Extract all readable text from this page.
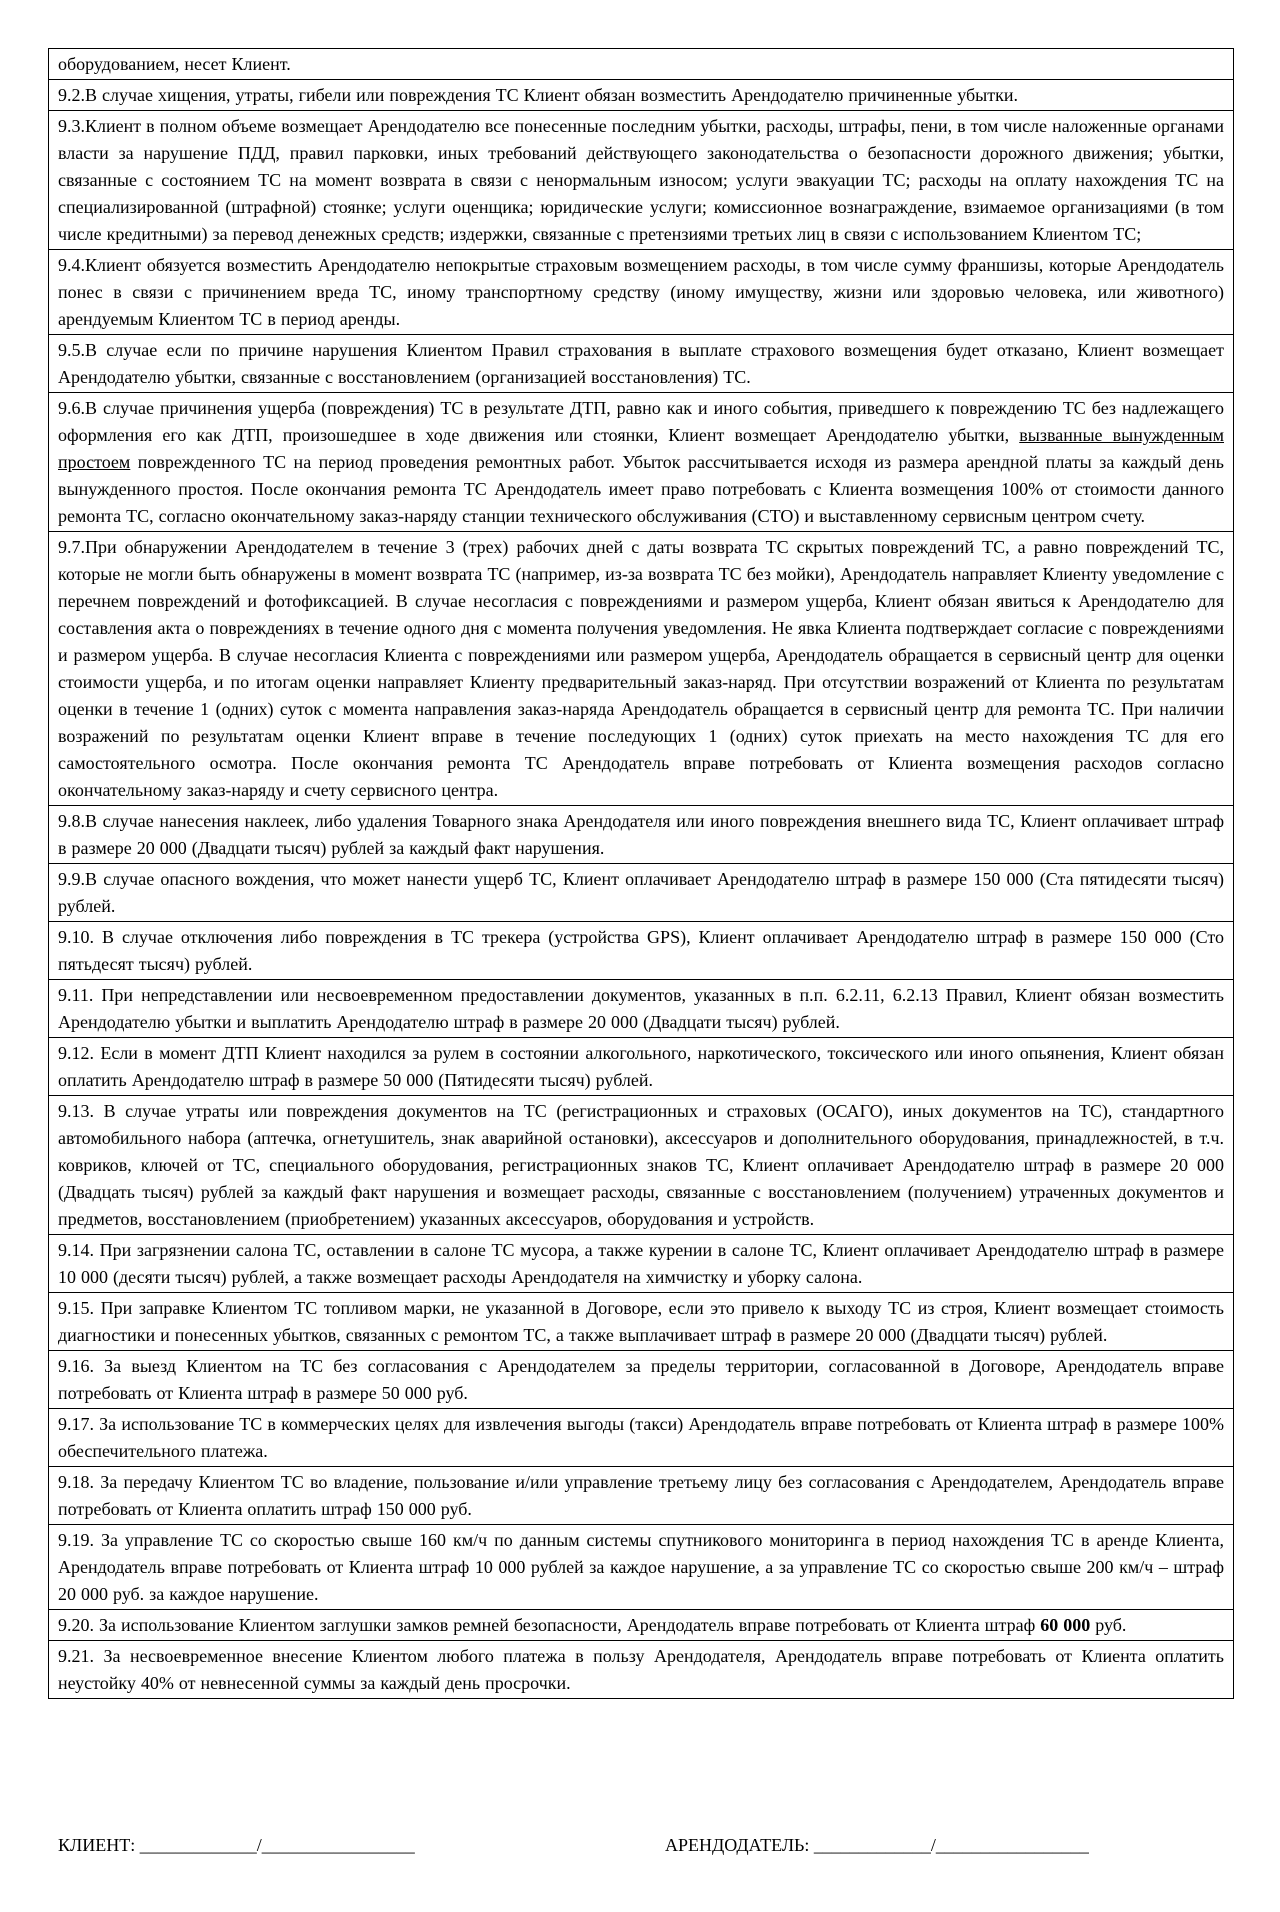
оборудованием, несет Клиент.
9.2.В случае хищения, утраты, гибели или повреждения ТС Клиент обязан возместить Арендодателю причиненные убытки.
9.3.Клиент в полном объеме возмещает Арендодателю все понесенные последним убытки, расходы, штрафы, пени, в том числе наложенные органами власти за нарушение ПДД, правил парковки, иных требований действующего законодательства о безопасности дорожного движения; убытки, связанные с состоянием ТС на момент возврата в связи с ненормальным износом; услуги эвакуации ТС; расходы на оплату нахождения ТС на специализированной (штрафной) стоянке; услуги оценщика; юридические услуги; комиссионное вознаграждение, взимаемое организациями (в том числе кредитными) за перевод денежных средств; издержки, связанные с претензиями третьих лиц в связи с использованием Клиентом ТС;
9.4.Клиент обязуется возместить Арендодателю непокрытые страховым возмещением расходы, в том числе сумму франшизы, которые Арендодатель понес в связи с причинением вреда ТС, иному транспортному средству (иному имуществу, жизни или здоровью человека, или животного) арендуемым Клиентом ТС в период аренды.
9.5.В случае если по причине нарушения Клиентом Правил страхования в выплате страхового возмещения будет отказано, Клиент возмещает Арендодателю убытки, связанные с восстановлением (организацией восстановления) ТС.
9.6.В случае причинения ущерба (повреждения) ТС в результате ДТП, равно как и иного события, приведшего к повреждению ТС без надлежащего оформления его как ДТП, произошедшее в ходе движения или стоянки, Клиент возмещает Арендодателю убытки, вызванные вынужденным простоем поврежденного ТС на период проведения ремонтных работ. Убыток рассчитывается исходя из размера арендной платы за каждый день вынужденного простоя. После окончания ремонта ТС Арендодатель имеет право потребовать с Клиента возмещения 100% от стоимости данного ремонта ТС, согласно окончательному заказ-наряду станции технического обслуживания (СТО) и выставленному сервисным центром счету.
9.7.При обнаружении Арендодателем в течение 3 (трех) рабочих дней с даты возврата ТС скрытых повреждений ТС, а равно повреждений ТС, которые не могли быть обнаружены в момент возврата ТС (например, из-за возврата ТС без мойки), Арендодатель направляет Клиенту уведомление с перечнем повреждений и фотофиксацией. В случае несогласия с повреждениями и размером ущерба, Клиент обязан явиться к Арендодателю для составления акта о повреждениях в течение одного дня с момента получения уведомления. Не явка Клиента подтверждает согласие с повреждениями и размером ущерба. В случае несогласия Клиента с повреждениями или размером ущерба, Арендодатель обращается в сервисный центр для оценки стоимости ущерба, и по итогам оценки направляет Клиенту предварительный заказ-наряд. При отсутствии возражений от Клиента по результатам оценки в течение 1 (одних) суток с момента направления заказ-наряда Арендодатель обращается в сервисный центр для ремонта ТС. При наличии возражений по результатам оценки Клиент вправе в течение последующих 1 (одних) суток приехать на место нахождения ТС для его самостоятельного осмотра. После окончания ремонта ТС Арендодатель вправе потребовать от Клиента возмещения расходов согласно окончательному заказ-наряду и счету сервисного центра.
9.8.В случае нанесения наклеек, либо удаления Товарного знака Арендодателя или иного повреждения внешнего вида ТС, Клиент оплачивает штраф в размере 20 000 (Двадцати тысяч) рублей за каждый факт нарушения.
9.9.В случае опасного вождения, что может нанести ущерб ТС, Клиент оплачивает Арендодателю штраф в размере 150 000 (Ста пятидесяти тысяч) рублей.
9.10. В случае отключения либо повреждения в ТС трекера (устройства GPS), Клиент оплачивает Арендодателю штраф в размере 150 000 (Сто пятьдесят тысяч) рублей.
9.11. При непредставлении или несвоевременном предоставлении документов, указанных в п.п. 6.2.11, 6.2.13 Правил, Клиент обязан возместить Арендодателю убытки и выплатить Арендодателю штраф в размере 20 000 (Двадцати тысяч) рублей.
9.12. Если в момент ДТП Клиент находился за рулем в состоянии алкогольного, наркотического, токсического или иного опьянения, Клиент обязан оплатить Арендодателю штраф в размере 50 000 (Пятидесяти тысяч) рублей.
9.13. В случае утраты или повреждения документов на ТС (регистрационных и страховых (ОСАГО), иных документов на ТС), стандартного автомобильного набора (аптечка, огнетушитель, знак аварийной остановки), аксессуаров и дополнительного оборудования, принадлежностей, в т.ч. ковриков, ключей от ТС, специального оборудования, регистрационных знаков ТС, Клиент оплачивает Арендодателю штраф в размере 20 000 (Двадцать тысяч) рублей за каждый факт нарушения и возмещает расходы, связанные с восстановлением (получением) утраченных документов и предметов, восстановлением (приобретением) указанных аксессуаров, оборудования и устройств.
9.14. При загрязнении салона ТС, оставлении в салоне ТС мусора, а также курении в салоне ТС, Клиент оплачивает Арендодателю штраф в размере 10 000 (десяти тысяч) рублей, а также возмещает расходы Арендодателя на химчистку и уборку салона.
9.15. При заправке Клиентом ТС топливом марки, не указанной в Договоре, если это привело к выходу ТС из строя, Клиент возмещает стоимость диагностики и понесенных убытков, связанных с ремонтом ТС, а также выплачивает штраф в размере 20 000 (Двадцати тысяч) рублей.
9.16. За выезд Клиентом на ТС без согласования с Арендодателем за пределы территории, согласованной в Договоре, Арендодатель вправе потребовать от Клиента штраф в размере 50 000 руб.
9.17. За использование ТС в коммерческих целях для извлечения выгоды (такси) Арендодатель вправе потребовать от Клиента штраф в размере 100% обеспечительного платежа.
9.18. За передачу Клиентом ТС во владение, пользование и/или управление третьему лицу без согласования с Арендодателем, Арендодатель вправе потребовать от Клиента оплатить штраф 150 000 руб.
9.19. За управление ТС со скоростью свыше 160 км/ч по данным системы спутникового мониторинга в период нахождения ТС в аренде Клиента, Арендодатель вправе потребовать от Клиента штраф 10 000 рублей за каждое нарушение, а за управление ТС со скоростью свыше 200 км/ч – штраф 20 000 руб. за каждое нарушение.
9.20. За использование Клиентом заглушки замков ремней безопасности, Арендодатель вправе потребовать от Клиента штраф 60 000 руб.
9.21. За несвоевременное внесение Клиентом любого платежа в пользу Арендодателя, Арендодатель вправе потребовать от Клиента оплатить неустойку 40% от невнесенной суммы за каждый день просрочки.
КЛИЕНТ: _____________/_________________	АРЕНДОДАТЕЛЬ: _____________/_________________
